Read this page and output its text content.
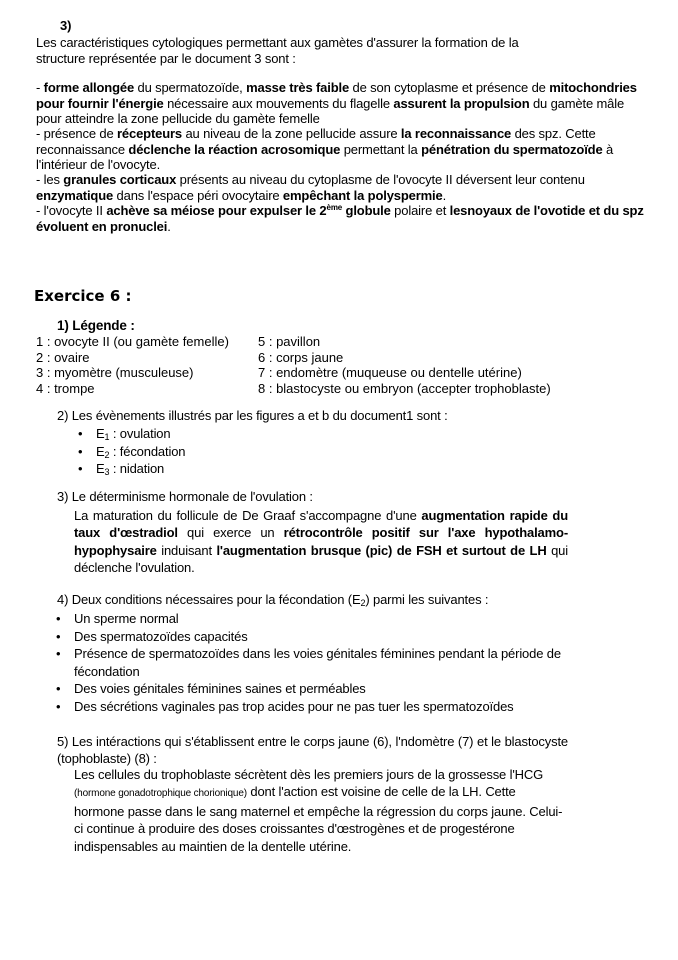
3)
Les caractéristiques cytologiques permettant aux gamètes d'assurer la formation de la structure représentée par le document 3 sont :
- forme allongée du spermatozoïde, masse très faible de son cytoplasme et présence de mitochondries pour fournir l'énergie nécessaire aux mouvements du flagelle assurent la propulsion du gamète mâle pour atteindre la zone pellucide du gamète femelle
- présence de récepteurs au niveau de la zone pellucide assure la reconnaissance des spz. Cette reconnaissance déclenche la réaction acrosomique permettant la pénétration du spermatozoïde à l'intérieur de l'ovocyte.
- les granules corticaux présents au niveau du cytoplasme de l'ovocyte II déversent leur contenu enzymatique dans l'espace péri ovocytaire empêchant la polyspermie.
- l'ovocyte II achève sa méiose pour expulser le 2ème globule polaire et lesnoyaux de l'ovotide et du spz évoluent en pronuclei.
Exercice 6 :
1) Légende :
1 : ovocyte II (ou gamète femelle)
2 : ovaire
3 : myomètre (musculeuse)
4 : trompe
5 : pavillon
6 : corps jaune
7 : endomètre (muqueuse ou dentelle utérine)
8 : blastocyste ou embryon (accepter trophoblaste)
2) Les évènements illustrés par les figures a et b du document1 sont :
• $E_1$ : ovulation
• $E_2$ : fécondation
• $E_3$ : nidation
3) Le déterminisme hormonale de l'ovulation :
La maturation du follicule de De Graaf s'accompagne d'une augmentation rapide du taux d'œstradiol qui exerce un rétrocontrôle positif sur l'axe hypothalamo-hypophysaire induisant l'augmentation brusque (pic) de FSH et surtout de LH qui déclenche l'ovulation.
4) Deux conditions nécessaires pour la fécondation $(E_2)$ parmi les suivantes :
• Un sperme normal
• Des spermatozoïdes capacités
• Présence de spermatozoïdes dans les voies génitales féminines pendant la période de fécondation
• Des voies génitales féminines saines et perméables
• Des sécrétions vaginales pas trop acides pour ne pas tuer les spermatozoïdes
5) Les intéractions qui s'établissent entre le corps jaune (6), l'ndomètre (7) et le blastocyste (tophoblaste) (8) :
Les cellules du trophoblaste sécrètent dès les premiers jours de la grossesse l'HCG (hormone gonadotrophique chorionique) dont l'action est voisine de celle de la LH. Cette hormone passe dans le sang maternel et empêche la régression du corps jaune. Celui-ci continue à produire des doses croissantes d'œstrogènes et de progestérone indispensables au maintien de la dentelle utérine.
